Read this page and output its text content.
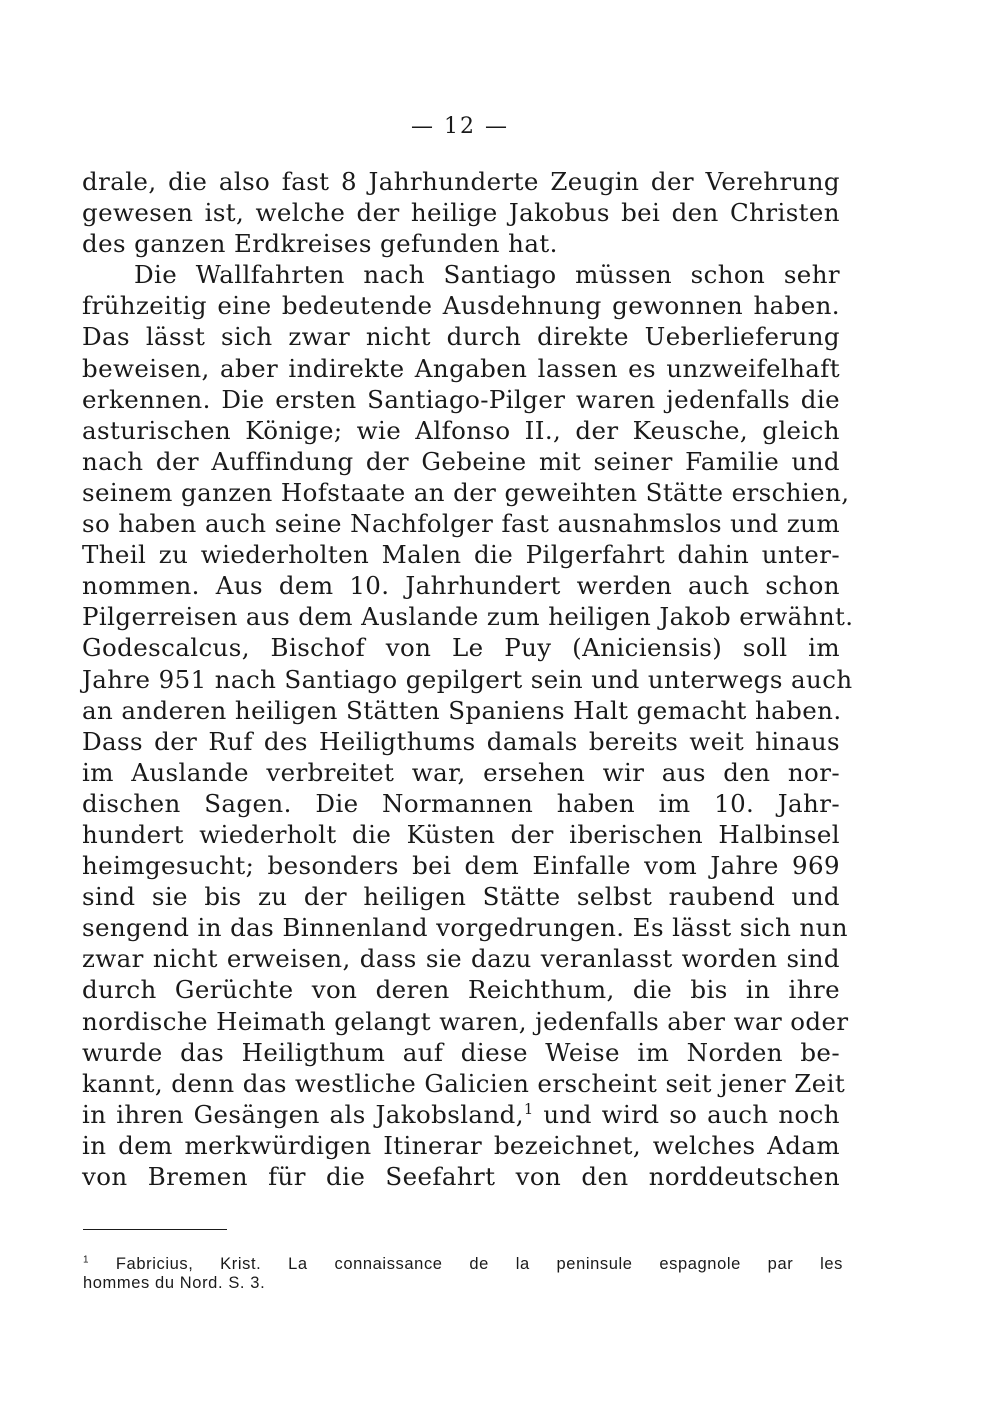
— 12 —
drale, die also fast 8 Jahrhunderte Zeugin der Verehrung
gewesen ist, welche der heilige Jakobus bei den Christen
des ganzen Erdkreises gefunden hat.
Die Wallfahrten nach Santiago müssen schon sehr
frühzeitig eine bedeutende Ausdehnung gewonnen haben.
Das lässt sich zwar nicht durch direkte Ueberlieferung
beweisen, aber indirekte Angaben lassen es unzweifelhaft
erkennen. Die ersten Santiago-Pilger waren jedenfalls die
asturischen Könige; wie Alfonso II., der Keusche, gleich
nach der Auffindung der Gebeine mit seiner Familie und
seinem ganzen Hofstaate an der geweihten Stätte erschien,
so haben auch seine Nachfolger fast ausnahmslos und zum
Theil zu wiederholten Malen die Pilgerfahrt dahin unter-
nommen. Aus dem 10. Jahrhundert werden auch schon
Pilgerreisen aus dem Auslande zum heiligen Jakob erwähnt.
Godescalcus, Bischof von Le Puy (Aniciensis) soll im
Jahre 951 nach Santiago gepilgert sein und unterwegs auch
an anderen heiligen Stätten Spaniens Halt gemacht haben.
Dass der Ruf des Heiligthums damals bereits weit hinaus
im Auslande verbreitet war, ersehen wir aus den nor-
dischen Sagen. Die Normannen haben im 10. Jahr-
hundert wiederholt die Küsten der iberischen Halbinsel
heimgesucht; besonders bei dem Einfalle vom Jahre 969
sind sie bis zu der heiligen Stätte selbst raubend und
sengend in das Binnenland vorgedrungen. Es lässt sich nun
zwar nicht erweisen, dass sie dazu veranlasst worden sind
durch Gerüchte von deren Reichthum, die bis in ihre
nordische Heimath gelangt waren, jedenfalls aber war oder
wurde das Heiligthum auf diese Weise im Norden be-
kannt, denn das westliche Galicien erscheint seit jener Zeit
in ihren Gesängen als Jakobsland,$^1$ und wird so auch noch
in dem merkwürdigen Itinerar bezeichnet, welches Adam
von Bremen für die Seefahrt von den norddeutschen
$^1$ Fabricius, Krist. La connaissance de la peninsule espagnole par les
hommes du Nord. S. 3.
